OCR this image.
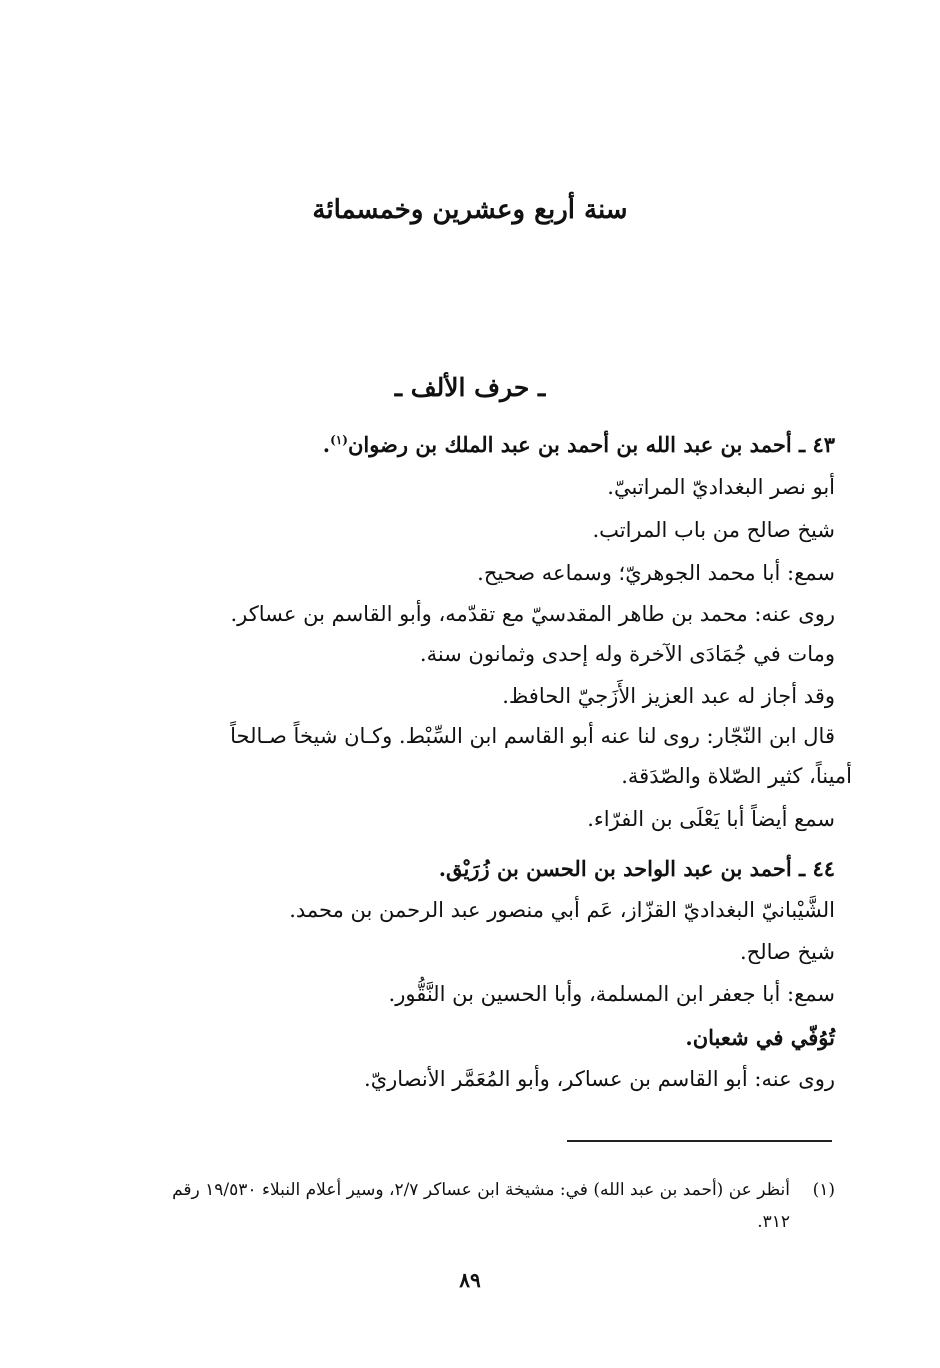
سنة أربع وعشرين وخمسمائة
ـ حرف الألف ـ
٤٣ ـ أحمد بن عبد الله بن أحمد بن عبد الملك بن رضوان$^{(١)}$.
أبو نصر البغداديّ المراتبيّ.
شيخ صالح من باب المراتب.
سمع: أبا محمد الجوهريّ؛ وسماعه صحيح.
روى عنه: محمد بن طاهر المقدسيّ مع تقدّمه، وأبو القاسم بن عساكر.
ومات في جُمَادَى الآخرة وله إحدى وثمانون سنة.
وقد أجاز له عبد العزيز الأَزَجيّ الحافظ.
قال ابن النّجّار: روى لنا عنه أبو القاسم ابن السِّبْط. وكـان شيخاً صـالحاً
أميناً، كثير الصّلاة والصّدَقة.
سمع أيضاً أبا يَعْلَى بن الفرّاء.
٤٤ ـ أحمد بن عبد الواحد بن الحسن بن زُرَيْق.
الشَّيْبانيّ البغداديّ القزّاز، عَم أبي منصور عبد الرحمن بن محمد.
شيخ صالح.
سمع: أبا جعفر ابن المسلمة، وأبا الحسين بن النَّقُّور.
تُوُفّي في شعبان.
روى عنه: أبو القاسم بن عساكر، وأبو المُعَمَّر الأنصاريّ.
(١)
أنظر عن (أحمد بن عبد الله) في: مشيخة ابن عساكر ٢/٧، وسير أعلام النبلاء ١٩/٥٣٠ رقم
٣١٢.
٨٩
